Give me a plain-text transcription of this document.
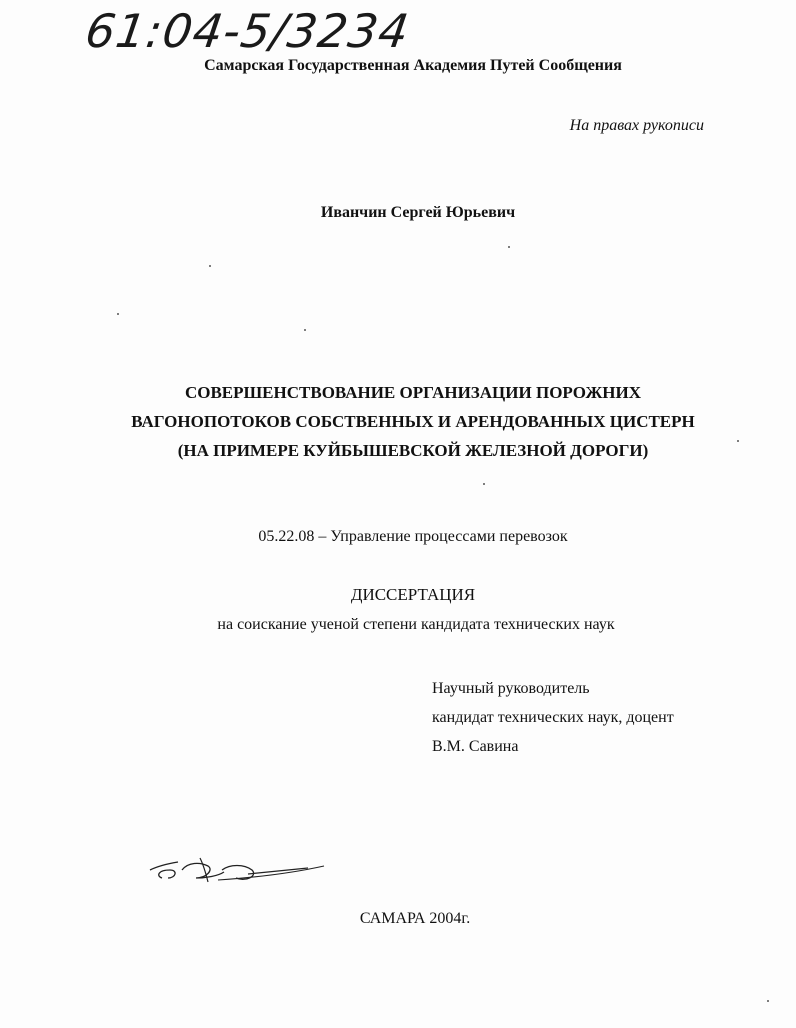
61:04-5/3234
Самарская Государственная Академия Путей Сообщения
На правах рукописи
Иванчин Сергей Юрьевич
СОВЕРШЕНСТВОВАНИЕ ОРГАНИЗАЦИИ ПОРОЖНИХ
ВАГОНОПОТОКОВ СОБСТВЕННЫХ И АРЕНДОВАННЫХ ЦИСТЕРН
(НА ПРИМЕРЕ КУЙБЫШЕВСКОЙ ЖЕЛЕЗНОЙ ДОРОГИ)
05.22.08 – Управление процессами перевозок
ДИССЕРТАЦИЯ
на соискание ученой степени кандидата технических наук
Научный руководитель
кандидат технических наук, доцент
В.М. Савина
САМАРА 2004г.
